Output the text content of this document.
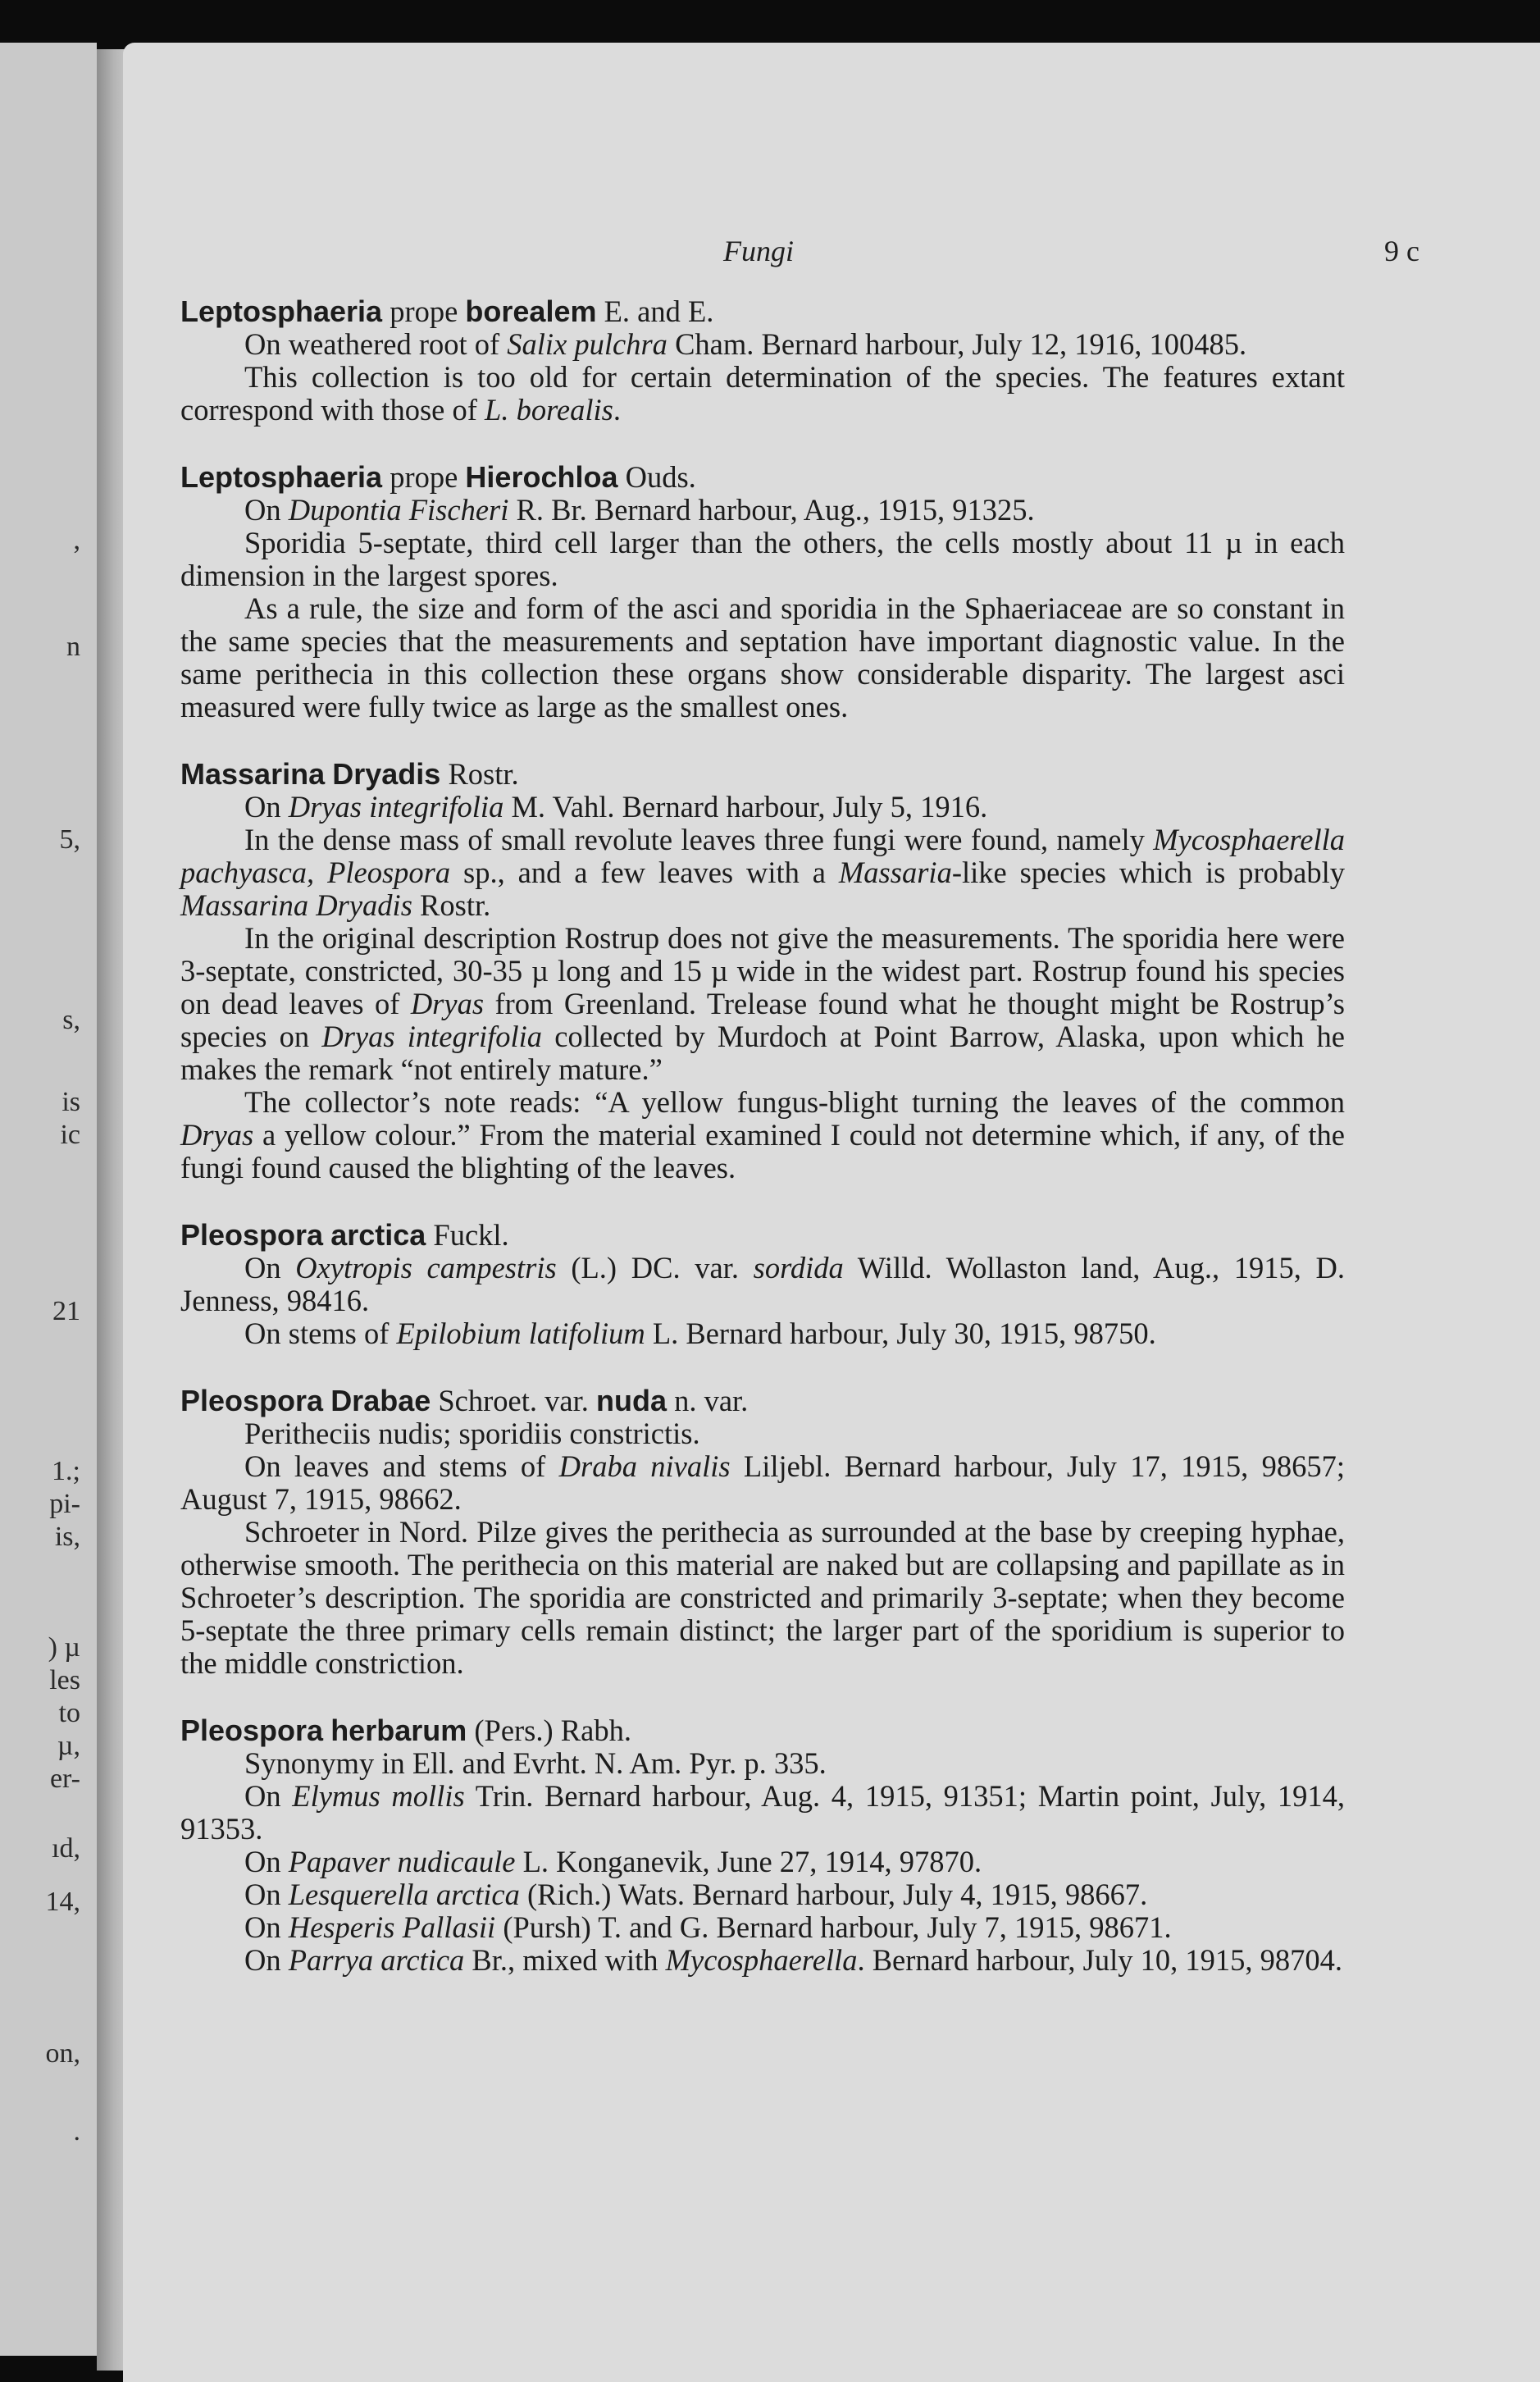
,
n
5,
s,
is
ic
21
1.;
pi-
is,
) µ
les
to
µ,
er-
ıd,
14,
on,
.
Fungi	9 c

Leptosphaeria prope borealem E. and E.

On weathered root of Salix pulchra Cham. Bernard harbour, July 12, 1916, 100485.

This collection is too old for certain determination of the species. The features extant correspond with those of L. borealis.

Leptosphaeria prope Hierochloa Ouds.

On Dupontia Fischeri R. Br. Bernard harbour, Aug., 1915, 91325.

Sporidia 5-septate, third cell larger than the others, the cells mostly about 11 µ in each dimension in the largest spores.

As a rule, the size and form of the asci and sporidia in the Sphaeriaceae are so constant in the same species that the measurements and septation have important diagnostic value. In the same perithecia in this collection these organs show considerable disparity. The largest asci measured were fully twice as large as the smallest ones.

Massarina Dryadis Rostr.

On Dryas integrifolia M. Vahl. Bernard harbour, July 5, 1916.

In the dense mass of small revolute leaves three fungi were found, namely Mycosphaerella pachyasca, Pleospora sp., and a few leaves with a Massaria-like species which is probably Massarina Dryadis Rostr.

In the original description Rostrup does not give the measurements. The sporidia here were 3-septate, constricted, 30-35 µ long and 15 µ wide in the widest part. Rostrup found his species on dead leaves of Dryas from Greenland. Trelease found what he thought might be Rostrup’s species on Dryas integrifolia collected by Murdoch at Point Barrow, Alaska, upon which he makes the remark “not entirely mature.”

The collector’s note reads: “A yellow fungus-blight turning the leaves of the common Dryas a yellow colour.” From the material examined I could not determine which, if any, of the fungi found caused the blighting of the leaves.

Pleospora arctica Fuckl.

On Oxytropis campestris (L.) DC. var. sordida Willd. Wollaston land, Aug., 1915, D. Jenness, 98416.

On stems of Epilobium latifolium L. Bernard harbour, July 30, 1915, 98750.

Pleospora Drabae Schroet. var. nuda n. var.

Peritheciis nudis; sporidiis constrictis.

On leaves and stems of Draba nivalis Liljebl. Bernard harbour, July 17, 1915, 98657; August 7, 1915, 98662.

Schroeter in Nord. Pilze gives the perithecia as surrounded at the base by creeping hyphae, otherwise smooth. The perithecia on this material are naked but are collapsing and papillate as in Schroeter’s description. The sporidia are constricted and primarily 3-septate; when they become 5-septate the three primary cells remain distinct; the larger part of the sporidium is superior to the middle constriction.

Pleospora herbarum (Pers.) Rabh.

Synonymy in Ell. and Evrht. N. Am. Pyr. p. 335.

On Elymus mollis Trin. Bernard harbour, Aug. 4, 1915, 91351; Martin point, July, 1914, 91353.

On Papaver nudicaule L. Konganevik, June 27, 1914, 97870.

On Lesquerella arctica (Rich.) Wats. Bernard harbour, July 4, 1915, 98667.

On Hesperis Pallasii (Pursh) T. and G. Bernard harbour, July 7, 1915, 98671.

On Parrya arctica Br., mixed with Mycosphaerella. Bernard harbour, July 10, 1915, 98704.
